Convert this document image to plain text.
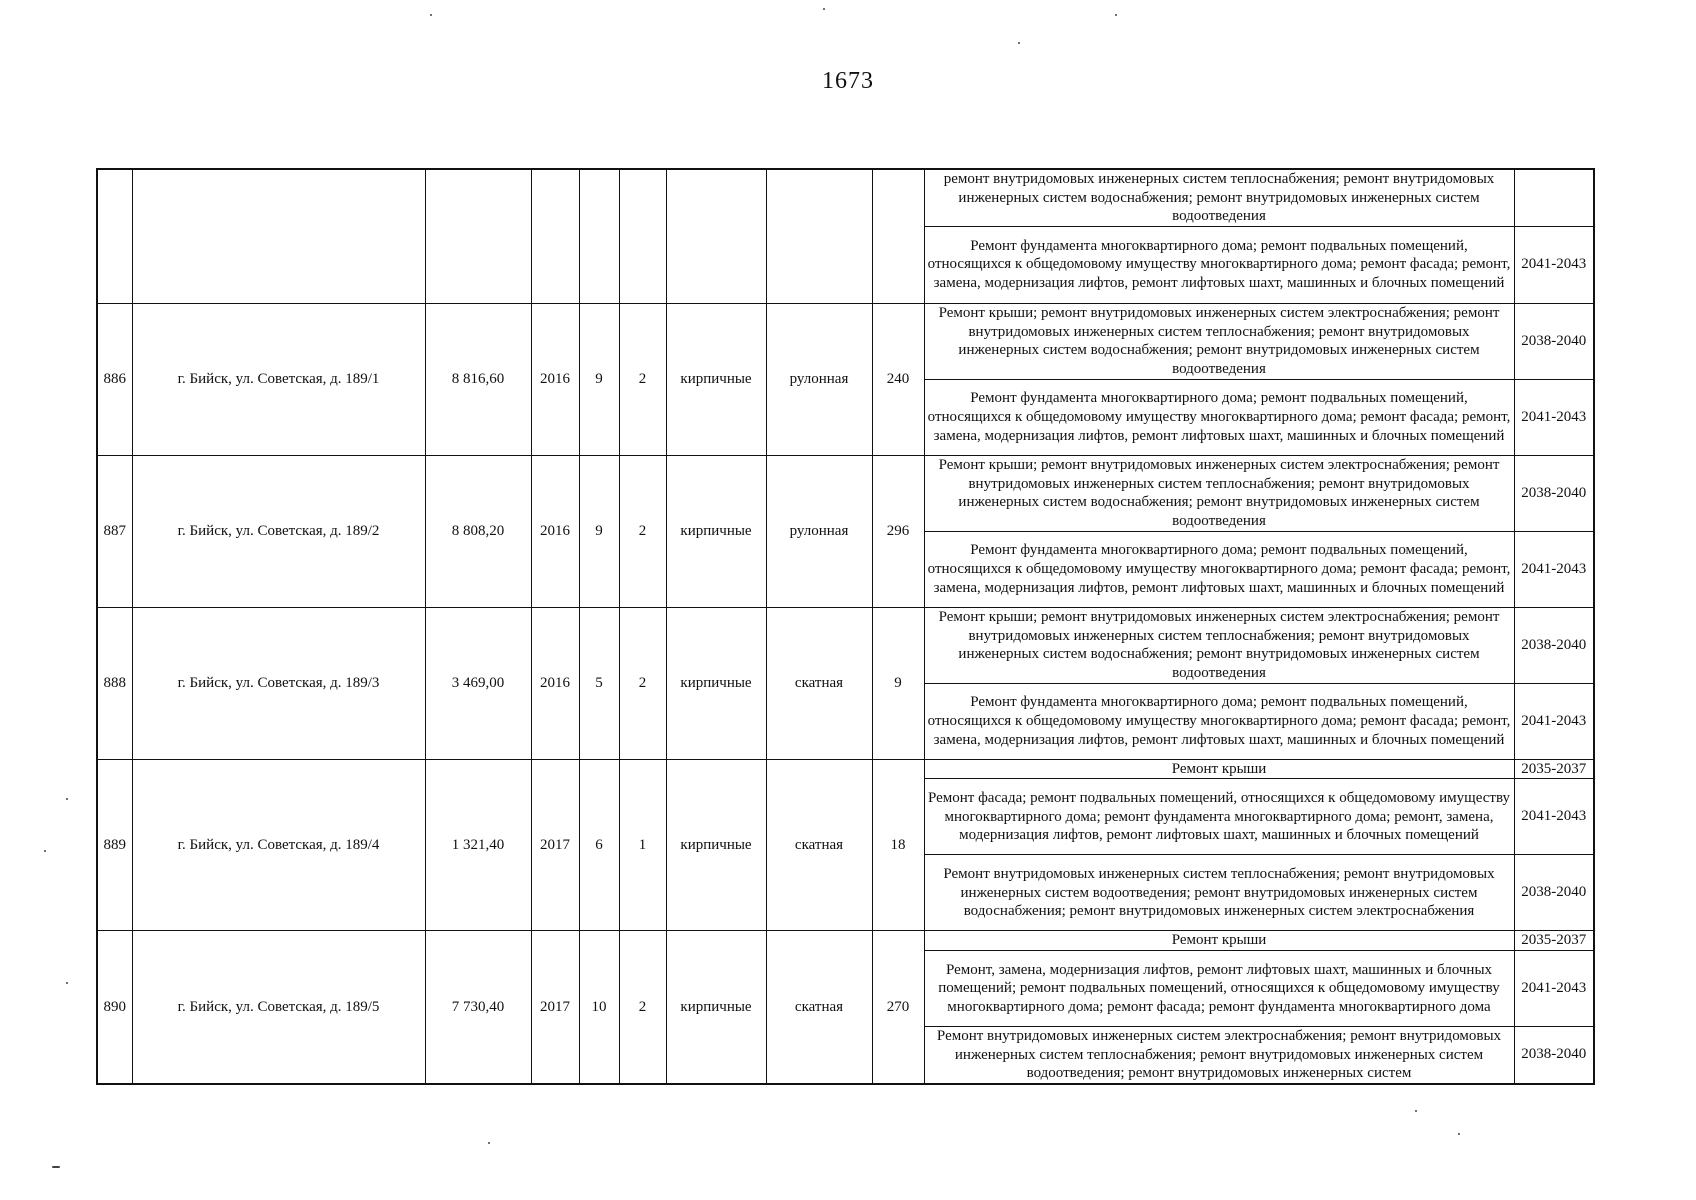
1673
									ремонт внутридомовых инженерных систем теплоснабжения; ремонт внутридомовых инженерных систем водоснабжения; ремонт внутридомовых инженерных систем водоотведения	
									Ремонт фундамента многоквартирного дома; ремонт подвальных помещений, относящихся к общедомовому имуществу многоквартирного дома; ремонт фасада; ремонт, замена, модернизация лифтов, ремонт лифтовых шахт, машинных и блочных помещений	2041-2043
886	г. Бийск, ул. Советская, д. 189/1	8 816,60	2016	9	2	кирпичные	рулонная	240	Ремонт крыши; ремонт внутридомовых инженерных систем электроснабжения; ремонт внутридомовых инженерных систем теплоснабжения; ремонт внутридомовых инженерных систем водоснабжения; ремонт внутридомовых инженерных систем водоотведения	2038-2040
									Ремонт фундамента многоквартирного дома; ремонт подвальных помещений, относящихся к общедомовому имуществу многоквартирного дома; ремонт фасада; ремонт, замена, модернизация лифтов, ремонт лифтовых шахт, машинных и блочных помещений	2041-2043
887	г. Бийск, ул. Советская, д. 189/2	8 808,20	2016	9	2	кирпичные	рулонная	296	Ремонт крыши; ремонт внутридомовых инженерных систем электроснабжения; ремонт внутридомовых инженерных систем теплоснабжения; ремонт внутридомовых инженерных систем водоснабжения; ремонт внутридомовых инженерных систем водоотведения	2038-2040
									Ремонт фундамента многоквартирного дома; ремонт подвальных помещений, относящихся к общедомовому имуществу многоквартирного дома; ремонт фасада; ремонт, замена, модернизация лифтов, ремонт лифтовых шахт, машинных и блочных помещений	2041-2043
888	г. Бийск, ул. Советская, д. 189/3	3 469,00	2016	5	2	кирпичные	скатная	9	Ремонт крыши; ремонт внутридомовых инженерных систем электроснабжения; ремонт внутридомовых инженерных систем теплоснабжения; ремонт внутридомовых инженерных систем водоснабжения; ремонт внутридомовых инженерных систем водоотведения	2038-2040
									Ремонт фундамента многоквартирного дома; ремонт подвальных помещений, относящихся к общедомовому имуществу многоквартирного дома; ремонт фасада; ремонт, замена, модернизация лифтов, ремонт лифтовых шахт, машинных и блочных помещений	2041-2043
889	г. Бийск, ул. Советская, д. 189/4	1 321,40	2017	6	1	кирпичные	скатная	18	Ремонт крыши	2035-2037
									Ремонт фасада; ремонт подвальных помещений, относящихся к общедомовому имуществу многоквартирного дома; ремонт фундамента многоквартирного дома; ремонт, замена, модернизация лифтов, ремонт лифтовых шахт, машинных и блочных помещений	2041-2043
									Ремонт внутридомовых инженерных систем теплоснабжения; ремонт внутридомовых инженерных систем водоотведения; ремонт внутридомовых инженерных систем водоснабжения; ремонт внутридомовых инженерных систем электроснабжения	2038-2040
890	г. Бийск, ул. Советская, д. 189/5	7 730,40	2017	10	2	кирпичные	скатная	270	Ремонт крыши	2035-2037
									Ремонт, замена, модернизация лифтов, ремонт лифтовых шахт, машинных и блочных помещений; ремонт подвальных помещений, относящихся к общедомовому имуществу многоквартирного дома; ремонт фасада; ремонт фундамента многоквартирного дома	2041-2043
									Ремонт внутридомовых инженерных систем электроснабжения; ремонт внутридомовых инженерных систем теплоснабжения; ремонт внутридомовых инженерных систем водоотведения; ремонт внутридомовых инженерных систем	2038-2040
